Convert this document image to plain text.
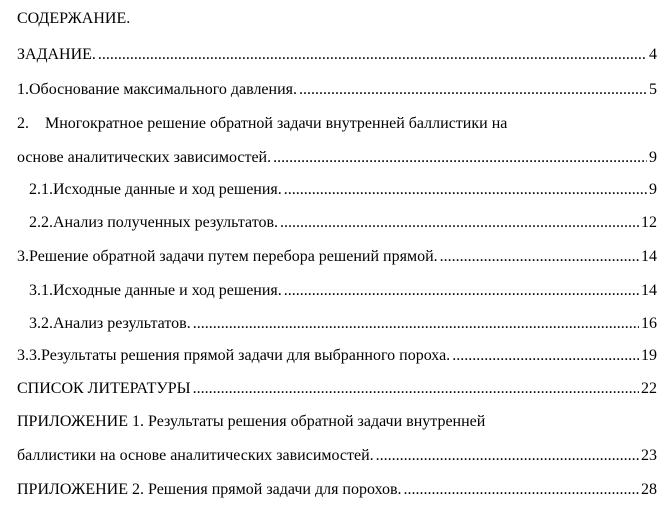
СОДЕРЖАНИЕ.
ЗАДАНИЕ. .....	4
1. Обоснование максимального давления. .....	5
2. Многократное решение обратной задачи внутренней баллистики на
основе аналитических зависимостей. .....	9
2.1. Исходные данные и ход решения. .....	9
2.2. Анализ полученных результатов. .....	12
3. Решение обратной задачи путем перебора решений прямой. .....	14
3.1. Исходные данные и ход решения. .....	14
3.2. Анализ результатов. .....	16
3.3. Результаты решения прямой задачи для выбранного пороха. .....	19
СПИСОК ЛИТЕРАТУРЫ .....	22
ПРИЛОЖЕНИЕ 1. Результаты решения обратной задачи внутренней
баллистики на основе аналитических зависимостей. .....	23
ПРИЛОЖЕНИЕ 2. Решения прямой задачи для порохов. .....	28
